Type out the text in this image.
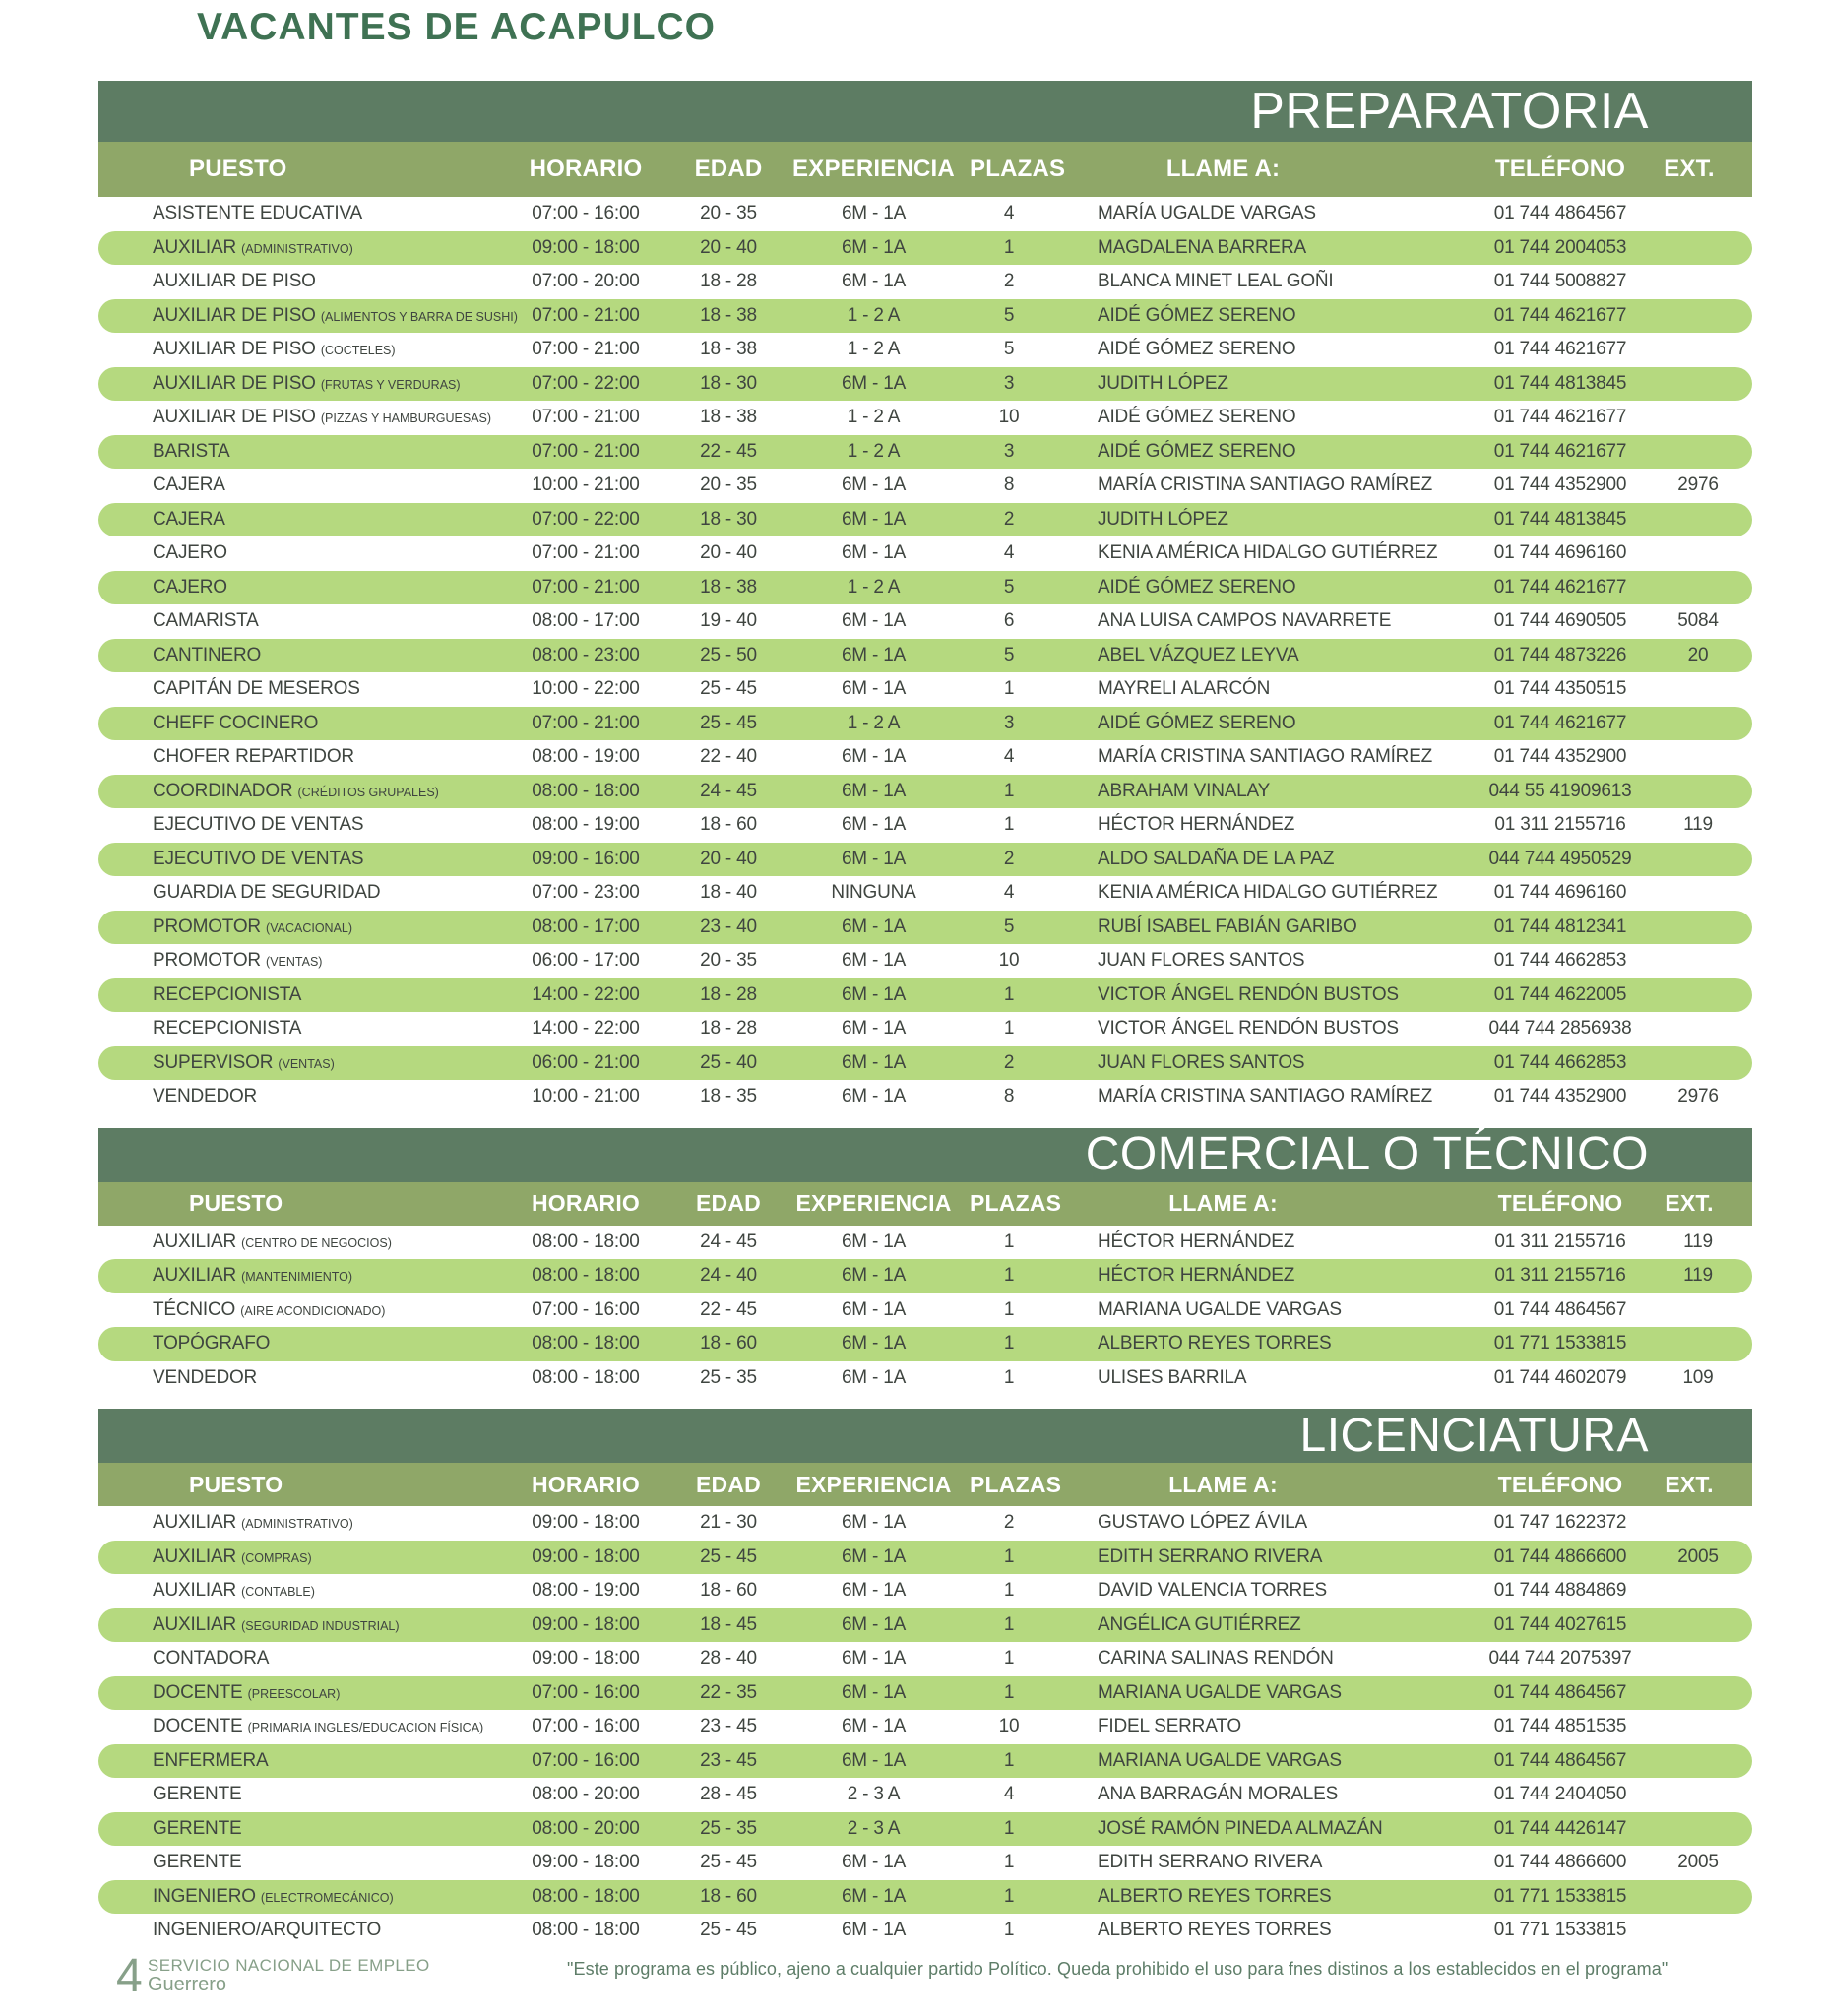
VACANTES DE ACAPULCO
PREPARATORIA
PUESTO	HORARIO	EDAD	EXPERIENCIA PLAZAS	LLAME A:	TELÉFONO	EXT.
ASISTENTE EDUCATIVA	07:00 - 16:00	20 - 35	6M - 1A	4	MARÍA UGALDE VARGAS	01 744 4864567
AUXILIAR (ADMINISTRATIVO)	09:00 - 18:00	20 - 40	6M - 1A	1	MAGDALENA BARRERA	01 744 2004053
AUXILIAR DE PISO	07:00 - 20:00	18 - 28	6M - 1A	2	BLANCA MINET LEAL GOÑI	01 744 5008827
AUXILIAR DE PISO (ALIMENTOS Y BARRA DE SUSHI) 07:00 - 21:00	18 - 38	1 - 2 A	5	AIDÉ GÓMEZ SERENO	01 744 4621677
AUXILIAR DE PISO (COCTELES)	07:00 - 21:00	18 - 38	1 - 2 A	5	AIDÉ GÓMEZ SERENO	01 744 4621677
AUXILIAR DE PISO (FRUTAS Y VERDURAS)	07:00 - 22:00	18 - 30	6M - 1A	3	JUDITH LÓPEZ	01 744 4813845
AUXILIAR DE PISO (PIZZAS Y HAMBURGUESAS)	07:00 - 21:00	18 - 38	1 - 2 A	10	AIDÉ GÓMEZ SERENO	01 744 4621677
BARISTA	07:00 - 21:00	22 - 45	1 - 2 A	3	AIDÉ GÓMEZ SERENO	01 744 4621677
CAJERA	10:00 - 21:00	20 - 35	6M - 1A	8	MARÍA CRISTINA SANTIAGO RAMÍREZ	01 744 4352900	2976
CAJERA	07:00 - 22:00	18 - 30	6M - 1A	2	JUDITH LÓPEZ	01 744 4813845
CAJERO	07:00 - 21:00	20 - 40	6M - 1A	4	KENIA AMÉRICA HIDALGO GUTIÉRREZ	01 744 4696160
CAJERO	07:00 - 21:00	18 - 38	1 - 2 A	5	AIDÉ GÓMEZ SERENO	01 744 4621677
CAMARISTA	08:00 - 17:00	19 - 40	6M - 1A	6	ANA LUISA CAMPOS NAVARRETE	01 744 4690505	5084
CANTINERO	08:00 - 23:00	25 - 50	6M - 1A	5	ABEL VÁZQUEZ LEYVA	01 744 4873226	20
CAPITÁN DE MESEROS	10:00 - 22:00	25 - 45	6M - 1A	1	MAYRELI ALARCÓN	01 744 4350515
CHEFF COCINERO	07:00 - 21:00	25 - 45	1 - 2 A	3	AIDÉ GÓMEZ SERENO	01 744 4621677
CHOFER REPARTIDOR	08:00 - 19:00	22 - 40	6M - 1A	4	MARÍA CRISTINA SANTIAGO RAMÍREZ	01 744 4352900
COORDINADOR (CRÉDITOS GRUPALES)	08:00 - 18:00	24 - 45	6M - 1A	1	ABRAHAM VINALAY	044 55 41909613
EJECUTIVO DE VENTAS	08:00 - 19:00	18 - 60	6M - 1A	1	HÉCTOR HERNÁNDEZ	01 311 2155716	119
EJECUTIVO DE VENTAS	09:00 - 16:00	20 - 40	6M - 1A	2	ALDO SALDAÑA DE LA PAZ	044 744 4950529
GUARDIA DE SEGURIDAD	07:00 - 23:00	18 - 40	NINGUNA	4	KENIA AMÉRICA HIDALGO GUTIÉRREZ	01 744 4696160
PROMOTOR (VACACIONAL)	08:00 - 17:00	23 - 40	6M - 1A	5	RUBÍ ISABEL FABIÁN GARIBO	01 744 4812341
PROMOTOR (VENTAS)	06:00 - 17:00	20 - 35	6M - 1A	10	JUAN FLORES SANTOS	01 744 4662853
RECEPCIONISTA	14:00 - 22:00	18 - 28	6M - 1A	1	VICTOR ÁNGEL RENDÓN BUSTOS	01 744 4622005
RECEPCIONISTA	14:00 - 22:00	18 - 28	6M - 1A	1	VICTOR ÁNGEL RENDÓN BUSTOS	044 744 2856938
SUPERVISOR (VENTAS)	06:00 - 21:00	25 - 40	6M - 1A	2	JUAN FLORES SANTOS	01 744 4662853
VENDEDOR	10:00 - 21:00	18 - 35	6M - 1A	8	MARÍA CRISTINA SANTIAGO RAMÍREZ	01 744 4352900	2976
COMERCIAL O TÉCNICO
PUESTO	HORARIO	EDAD	EXPERIENCIA PLAZAS	LLAME A:	TELÉFONO	EXT.
AUXILIAR (CENTRO DE NEGOCIOS)	08:00 - 18:00	24 - 45	6M - 1A	1	HÉCTOR HERNÁNDEZ	01 311 2155716	119
AUXILIAR (MANTENIMIENTO)	08:00 - 18:00	24 - 40	6M - 1A	1	HÉCTOR HERNÁNDEZ	01 311 2155716	119
TÉCNICO (AIRE ACONDICIONADO)	07:00 - 16:00	22 - 45	6M - 1A	1	MARIANA UGALDE VARGAS	01 744 4864567
TOPÓGRAFO	08:00 - 18:00	18 - 60	6M - 1A	1	ALBERTO REYES TORRES	01 771 1533815
VENDEDOR	08:00 - 18:00	25 - 35	6M - 1A	1	ULISES BARRILA	01 744 4602079	109
LICENCIATURA
PUESTO	HORARIO	EDAD	EXPERIENCIA PLAZAS	LLAME A:	TELÉFONO	EXT.
AUXILIAR (ADMINISTRATIVO)	09:00 - 18:00	21 - 30	6M - 1A	2	GUSTAVO LÓPEZ ÁVILA	01 747 1622372
AUXILIAR (COMPRAS)	09:00 - 18:00	25 - 45	6M - 1A	1	EDITH SERRANO RIVERA	01 744 4866600	2005
AUXILIAR (CONTABLE)	08:00 - 19:00	18 - 60	6M - 1A	1	DAVID VALENCIA TORRES	01 744 4884869
AUXILIAR (SEGURIDAD INDUSTRIAL)	09:00 - 18:00	18 - 45	6M - 1A	1	ANGÉLICA GUTIÉRREZ	01 744 4027615
CONTADORA	09:00 - 18:00	28 - 40	6M - 1A	1	CARINA SALINAS RENDÓN	044 744 2075397
DOCENTE (PREESCOLAR)	07:00 - 16:00	22 - 35	6M - 1A	1	MARIANA UGALDE VARGAS	01 744 4864567
DOCENTE (PRIMARIA INGLES/EDUCACION FÍSICA)	07:00 - 16:00	23 - 45	6M - 1A	10	FIDEL SERRATO	01 744 4851535
ENFERMERA	07:00 - 16:00	23 - 45	6M - 1A	1	MARIANA UGALDE VARGAS	01 744 4864567
GERENTE	08:00 - 20:00	28 - 45	2 - 3 A	4	ANA BARRAGÁN MORALES	01 744 2404050
GERENTE	08:00 - 20:00	25 - 35	2 - 3 A	1	JOSÉ RAMÓN PINEDA ALMAZÁN	01 744 4426147
GERENTE	09:00 - 18:00	25 - 45	6M - 1A	1	EDITH SERRANO RIVERA	01 744 4866600	2005
INGENIERO (ELECTROMECÁNICO)	08:00 - 18:00	18 - 60	6M - 1A	1	ALBERTO REYES TORRES	01 771 1533815
INGENIERO/ARQUITECTO	08:00 - 18:00	25 - 45	6M - 1A	1	ALBERTO REYES TORRES	01 771 1533815
4 SERVICIO NACIONAL DE EMPLEO
Guerrero
"Este programa es público, ajeno a cualquier partido Político. Queda prohibido el uso para fnes distinos a los establecidos en el programa"
